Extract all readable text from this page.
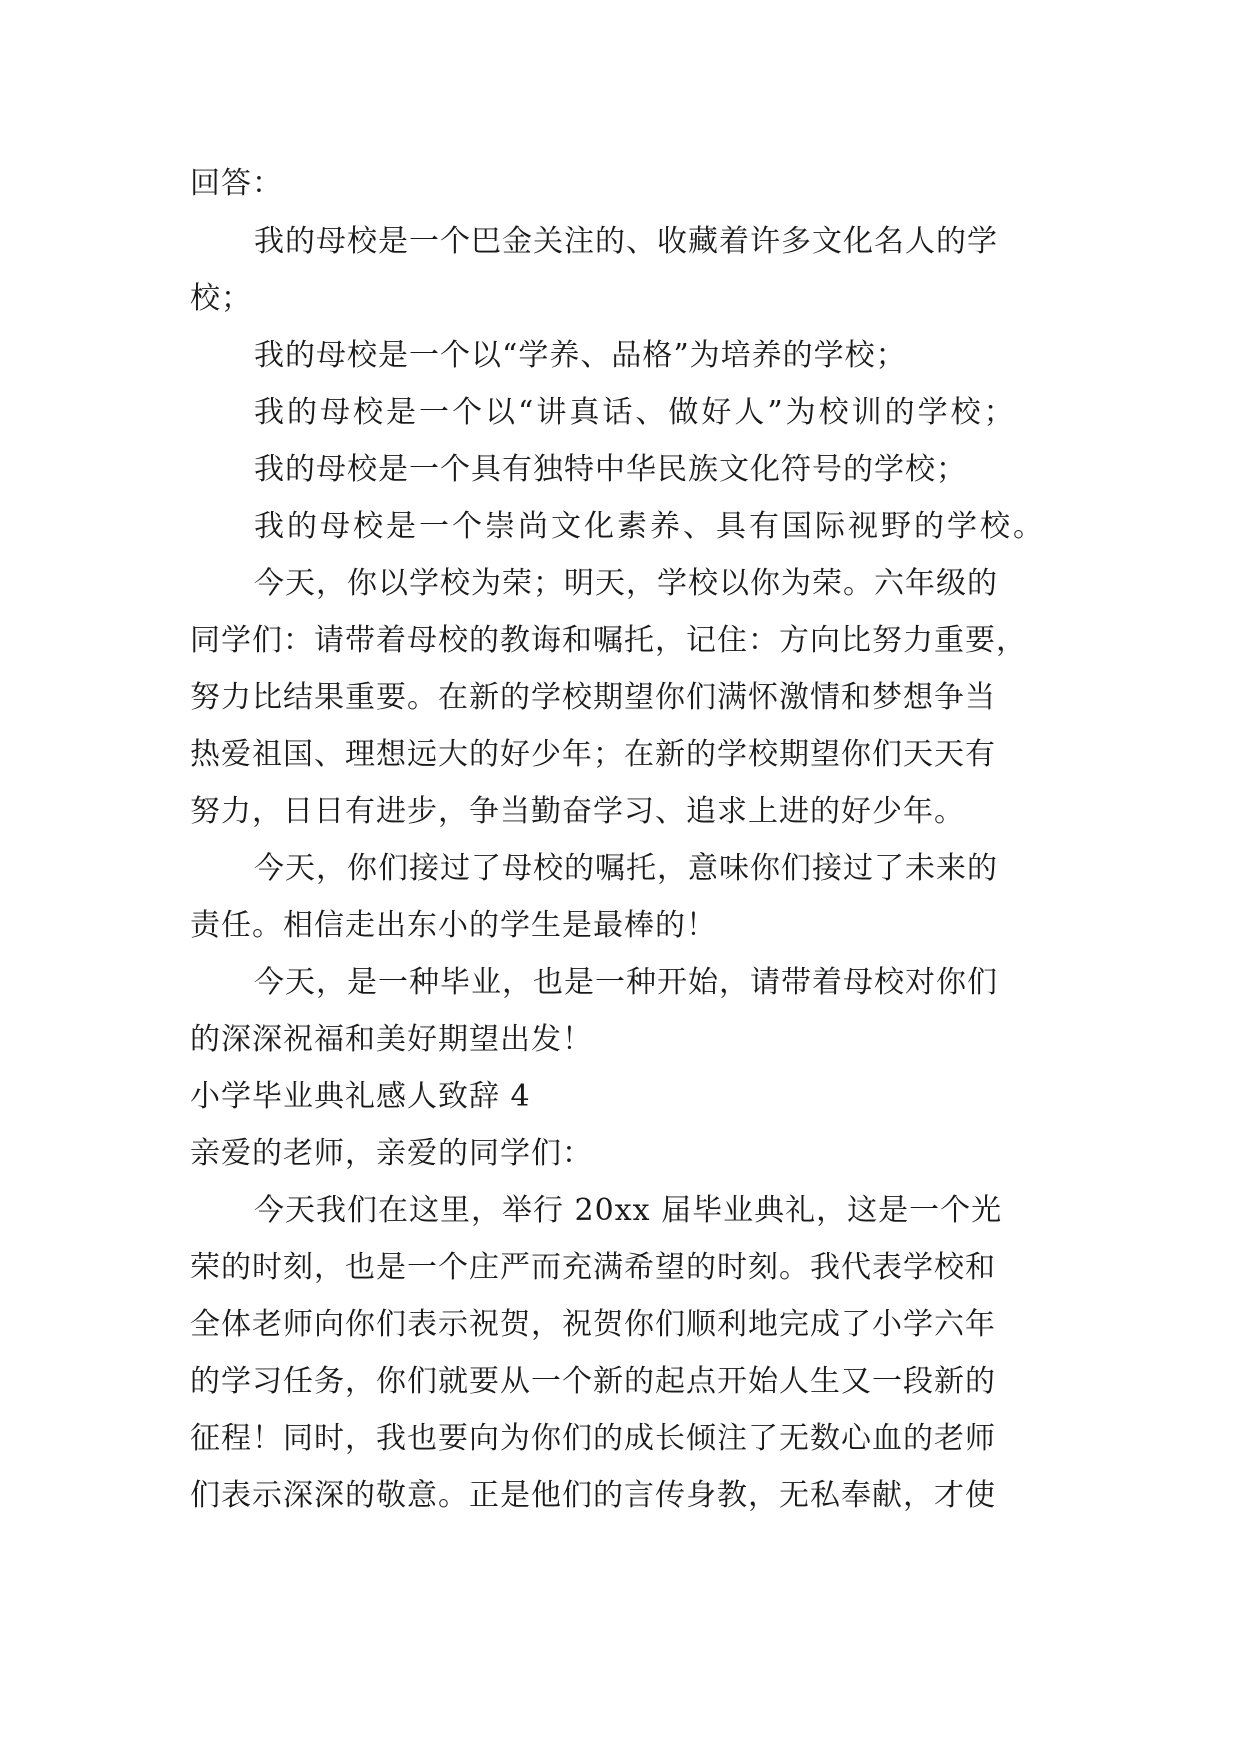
回答：
我的母校是一个巴金关注的、收藏着许多文化名人的学
校；
我的母校是一个以“学养、品格”为培养的学校；
我的母校是一个以“讲真话、做好人”为校训的学校；
我的母校是一个具有独特中华民族文化符号的学校；
我的母校是一个崇尚文化素养、具有国际视野的学校。
今天，你以学校为荣；明天，学校以你为荣。六年级的
同学们：请带着母校的教诲和嘱托，记住：方向比努力重要，
努力比结果重要。在新的学校期望你们满怀激情和梦想争当
热爱祖国、理想远大的好少年；在新的学校期望你们天天有
努力，日日有进步，争当勤奋学习、追求上进的好少年。
今天，你们接过了母校的嘱托，意味你们接过了未来的
责任。相信走出东小的学生是最棒的！
今天，是一种毕业，也是一种开始，请带着母校对你们
的深深祝福和美好期望出发！
小学毕业典礼感人致辞 4
亲爱的老师，亲爱的同学们：
今天我们在这里，举行 20xx 届毕业典礼，这是一个光
荣的时刻，也是一个庄严而充满希望的时刻。我代表学校和
全体老师向你们表示祝贺，祝贺你们顺利地完成了小学六年
的学习任务，你们就要从一个新的起点开始人生又一段新的
征程！同时，我也要向为你们的成长倾注了无数心血的老师
们表示深深的敬意。正是他们的言传身教，无私奉献，才使
